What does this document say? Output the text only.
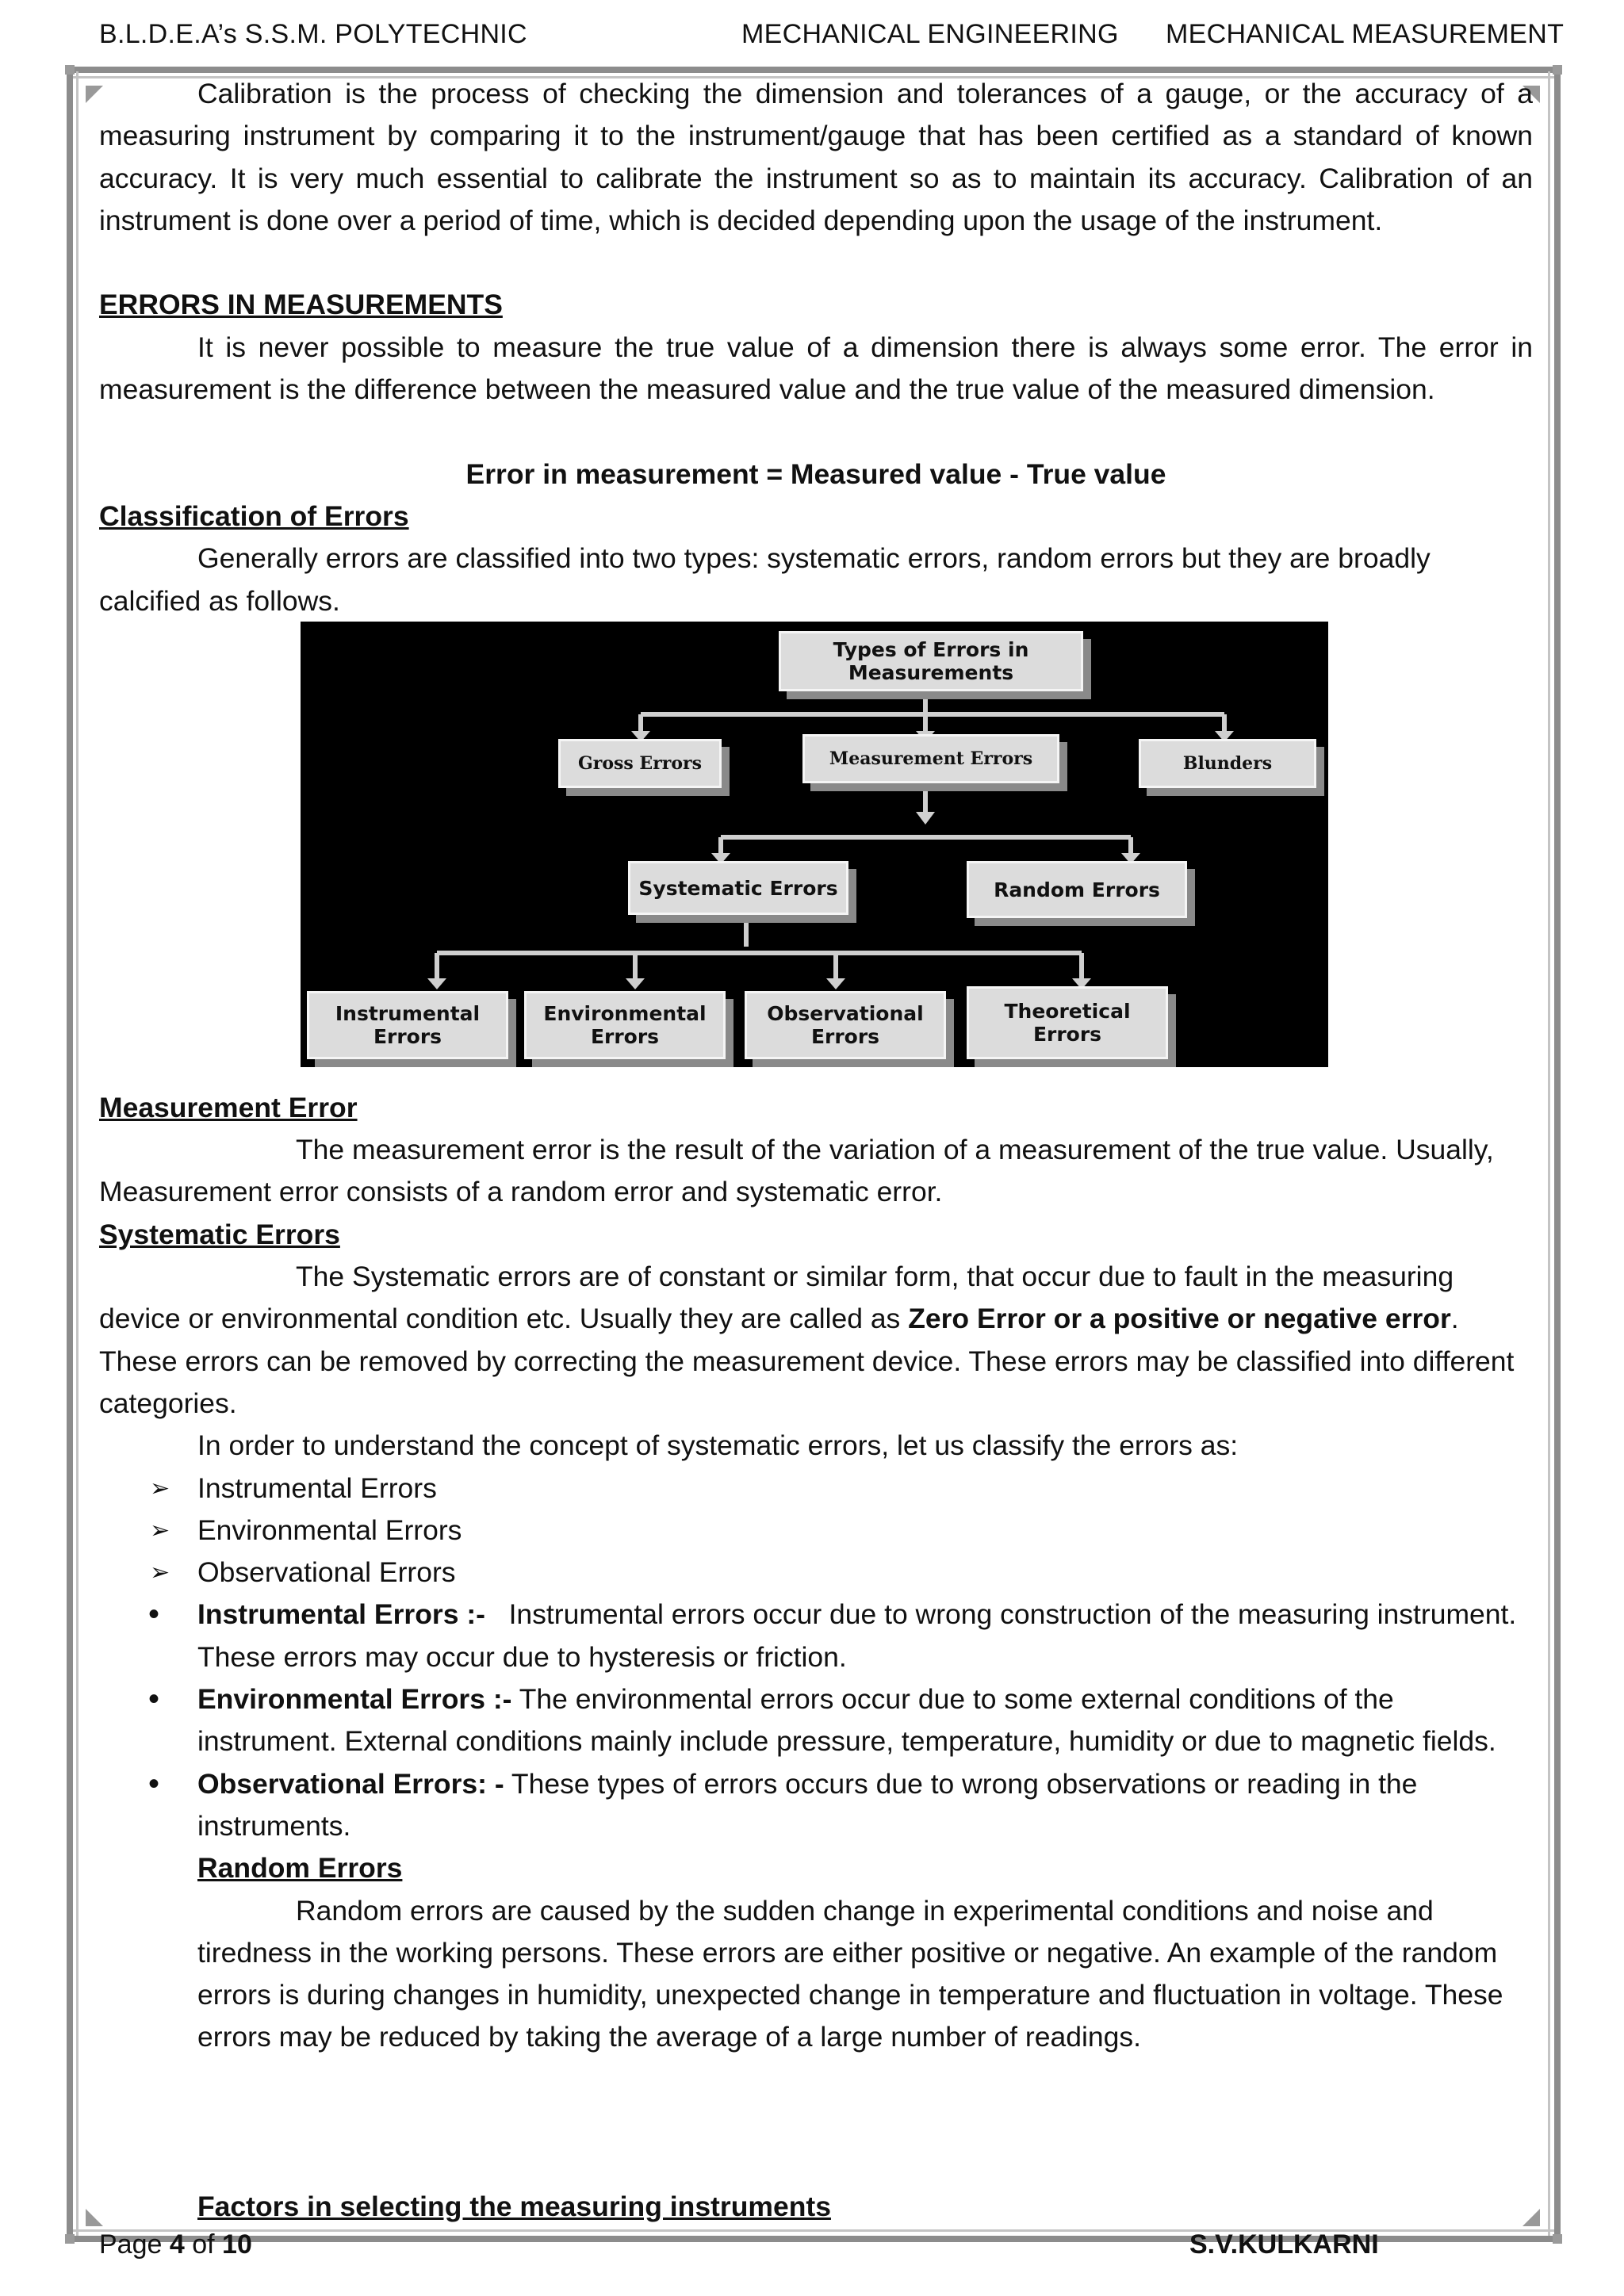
B.L.D.E.A’s S.S.M. POLYTECHNIC	MECHANICAL ENGINEERING MECHANICAL MEASUREMENT

Calibration is the process of checking the dimension and tolerances of a gauge, or the accuracy of a measuring instrument by comparing it to the instrument/gauge that has been certified as a standard of known accuracy. It is very much essential to calibrate the instrument so as to maintain its accuracy. Calibration of an instrument is done over a period of time, which is decided depending upon the usage of the instrument.

ERRORS IN MEASUREMENTS

It is never possible to measure the true value of a dimension there is always some error. The error in measurement is the difference between the measured value and the true value of the measured dimension.

Error in measurement = Measured value - True value

Classification of Errors

Generally errors are classified into two types: systematic errors, random errors but they are broadly calcified as follows.

Measurement Error

The measurement error is the result of the variation of a measurement of the true value. Usually, Measurement error consists of a random error and systematic error.

Systematic Errors

The Systematic errors are of constant or similar form, that occur due to fault in the measuring device or environmental condition etc. Usually they are called as Zero Error or a positive or negative error. These errors can be removed by correcting the measurement device. These errors may be classified into different categories.

In order to understand the concept of systematic errors, let us classify the errors as:

➢ Instrumental Errors
➢ Environmental Errors
➢ Observational Errors
• Instrumental Errors :- Instrumental errors occur due to wrong construction of the measuring instrument. These errors may occur due to hysteresis or friction.
• Environmental Errors :- The environmental errors occur due to some external conditions of the instrument. External conditions mainly include pressure, temperature, humidity or due to magnetic fields.
• Observational Errors: - These types of errors occurs due to wrong observations or reading in the instruments.

Random Errors

Random errors are caused by the sudden change in experimental conditions and noise and tiredness in the working persons. These errors are either positive or negative. An example of the random errors is during changes in humidity, unexpected change in temperature and fluctuation in voltage. These errors may be reduced by taking the average of a large number of readings.

Factors in selecting the measuring instruments

Types of Errors in Measurements
Gross Errors	Measurement Errors	Blunders
Systematic Errors	Random Errors
Instrumental Errors
Environmental Errors
Observational Errors
Theoretical Errors
Page 4 of 10	S.V.KULKARNI
